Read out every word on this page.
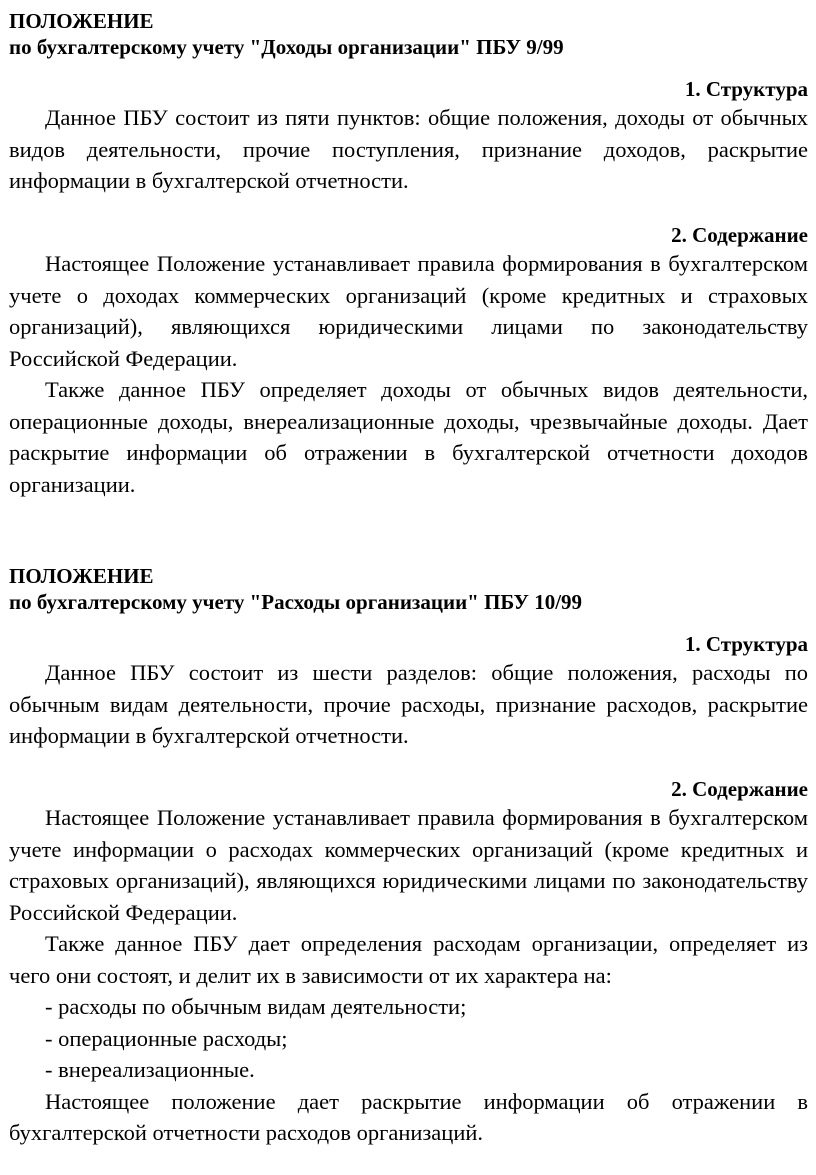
ПОЛОЖЕНИЕ

по бухгалтерскому учету "Доходы организации" ПБУ 9/99

1. Структура

Данное ПБУ состоит из пяти пунктов: общие положения, доходы от обычных видов деятельности, прочие поступления, признание доходов, раскрытие информации в бухгалтерской отчетности.

2. Содержание

Настоящее Положение устанавливает правила формирования в бухгалтерском учете о доходах коммерческих организаций (кроме кредитных и страховых организаций), являющихся юридическими лицами по законодательству Российской Федерации.

Также данное ПБУ определяет доходы от обычных видов деятельности, операционные доходы, внереализационные доходы, чрезвычайные доходы. Дает раскрытие информации об отражении в бухгалтерской отчетности доходов организации.

ПОЛОЖЕНИЕ

по бухгалтерскому учету "Расходы организации" ПБУ 10/99

1. Структура

Данное ПБУ состоит из шести разделов: общие положения, расходы по обычным видам деятельности, прочие расходы, признание расходов, раскрытие информации в бухгалтерской отчетности.

2. Содержание

Настоящее Положение устанавливает правила формирования в бухгалтерском учете информации о расходах коммерческих организаций (кроме кредитных и страховых организаций), являющихся юридическими лицами по законодательству Российской Федерации.

Также данное ПБУ дает определения расходам организации, определяет из чего они состоят, и делит их в зависимости от их характера на:

- расходы по обычным видам деятельности;

- операционные расходы;

- внереализационные.

Настоящее положение дает раскрытие информации об отражении в бухгалтерской отчетности расходов организаций.
